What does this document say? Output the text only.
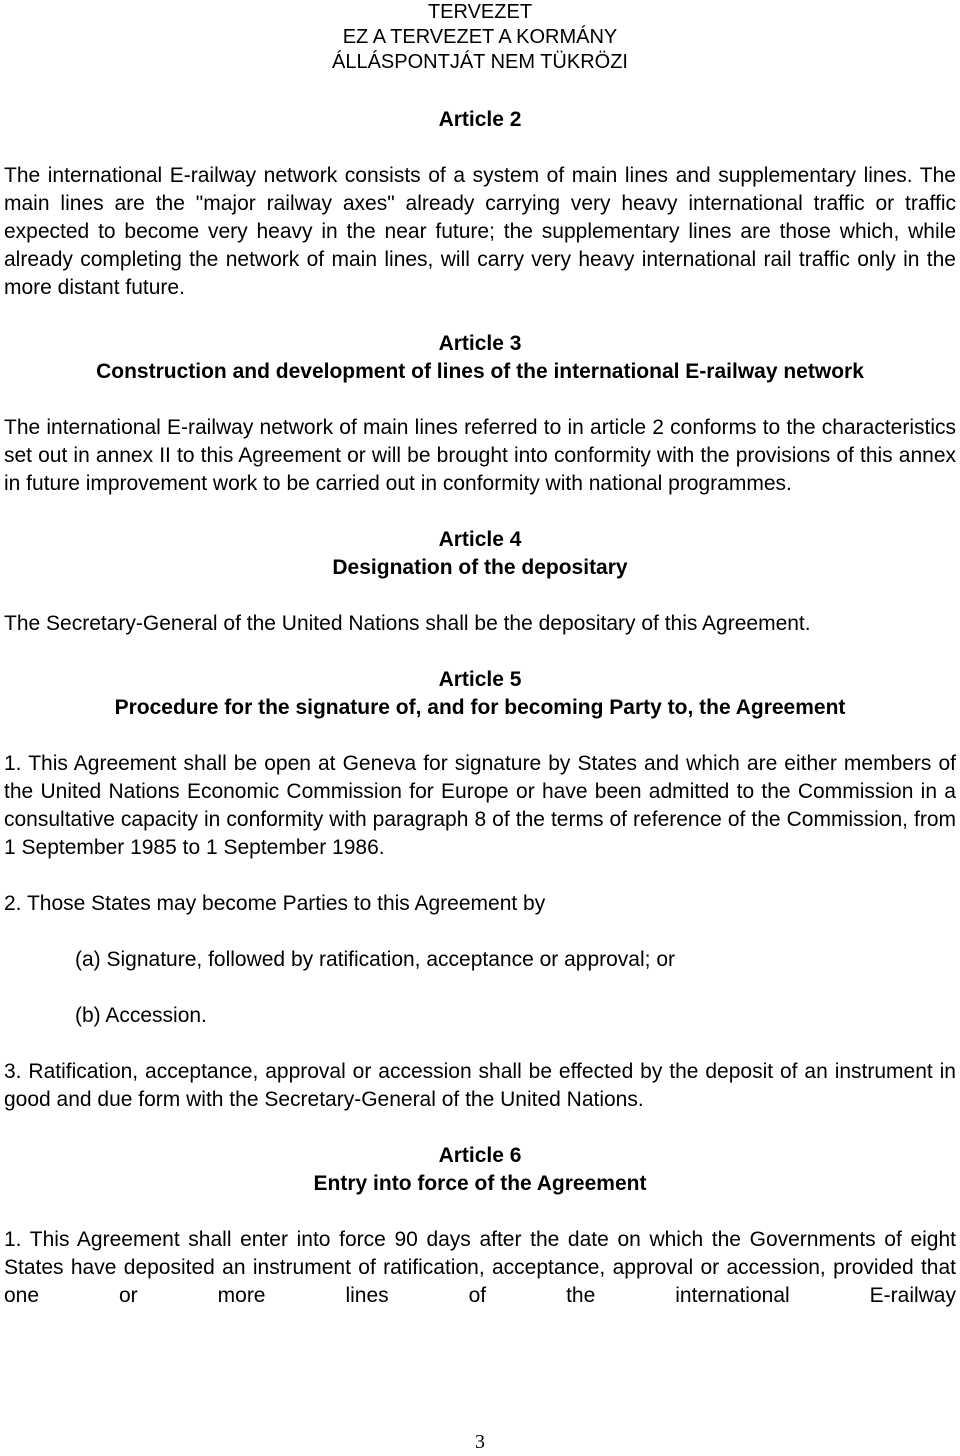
TERVEZET
EZ A TERVEZET A KORMÁNY
ÁLLÁSPONTJÁT NEM TÜKRÖZI
Article 2

The international E-railway network consists of a system of main lines and supplementary lines. The main lines are the "major railway axes" already carrying very heavy international traffic or traffic expected to become very heavy in the near future; the supplementary lines are those which, while already completing the network of main lines, will carry very heavy international rail traffic only in the more distant future.

Article 3
Construction and development of lines of the international E-railway network

The international E-railway network of main lines referred to in article 2 conforms to the characteristics set out in annex II to this Agreement or will be brought into conformity with the provisions of this annex in future improvement work to be carried out in conformity with national programmes.

Article 4
Designation of the depositary

The Secretary-General of the United Nations shall be the depositary of this Agreement.

Article 5
Procedure for the signature of, and for becoming Party to, the Agreement

1. This Agreement shall be open at Geneva for signature by States and which are either members of the United Nations Economic Commission for Europe or have been admitted to the Commission in a consultative capacity in conformity with paragraph 8 of the terms of reference of the Commission, from 1 September 1985 to 1 September 1986.

2. Those States may become Parties to this Agreement by

(a) Signature, followed by ratification, acceptance or approval; or

(b) Accession.

3. Ratification, acceptance, approval or accession shall be effected by the deposit of an instrument in good and due form with the Secretary-General of the United Nations.

Article 6
Entry into force of the Agreement

1. This Agreement shall enter into force 90 days after the date on which the Governments of eight States have deposited an instrument of ratification, acceptance, approval or accession, provided that one or more lines of the international E-railway

3
